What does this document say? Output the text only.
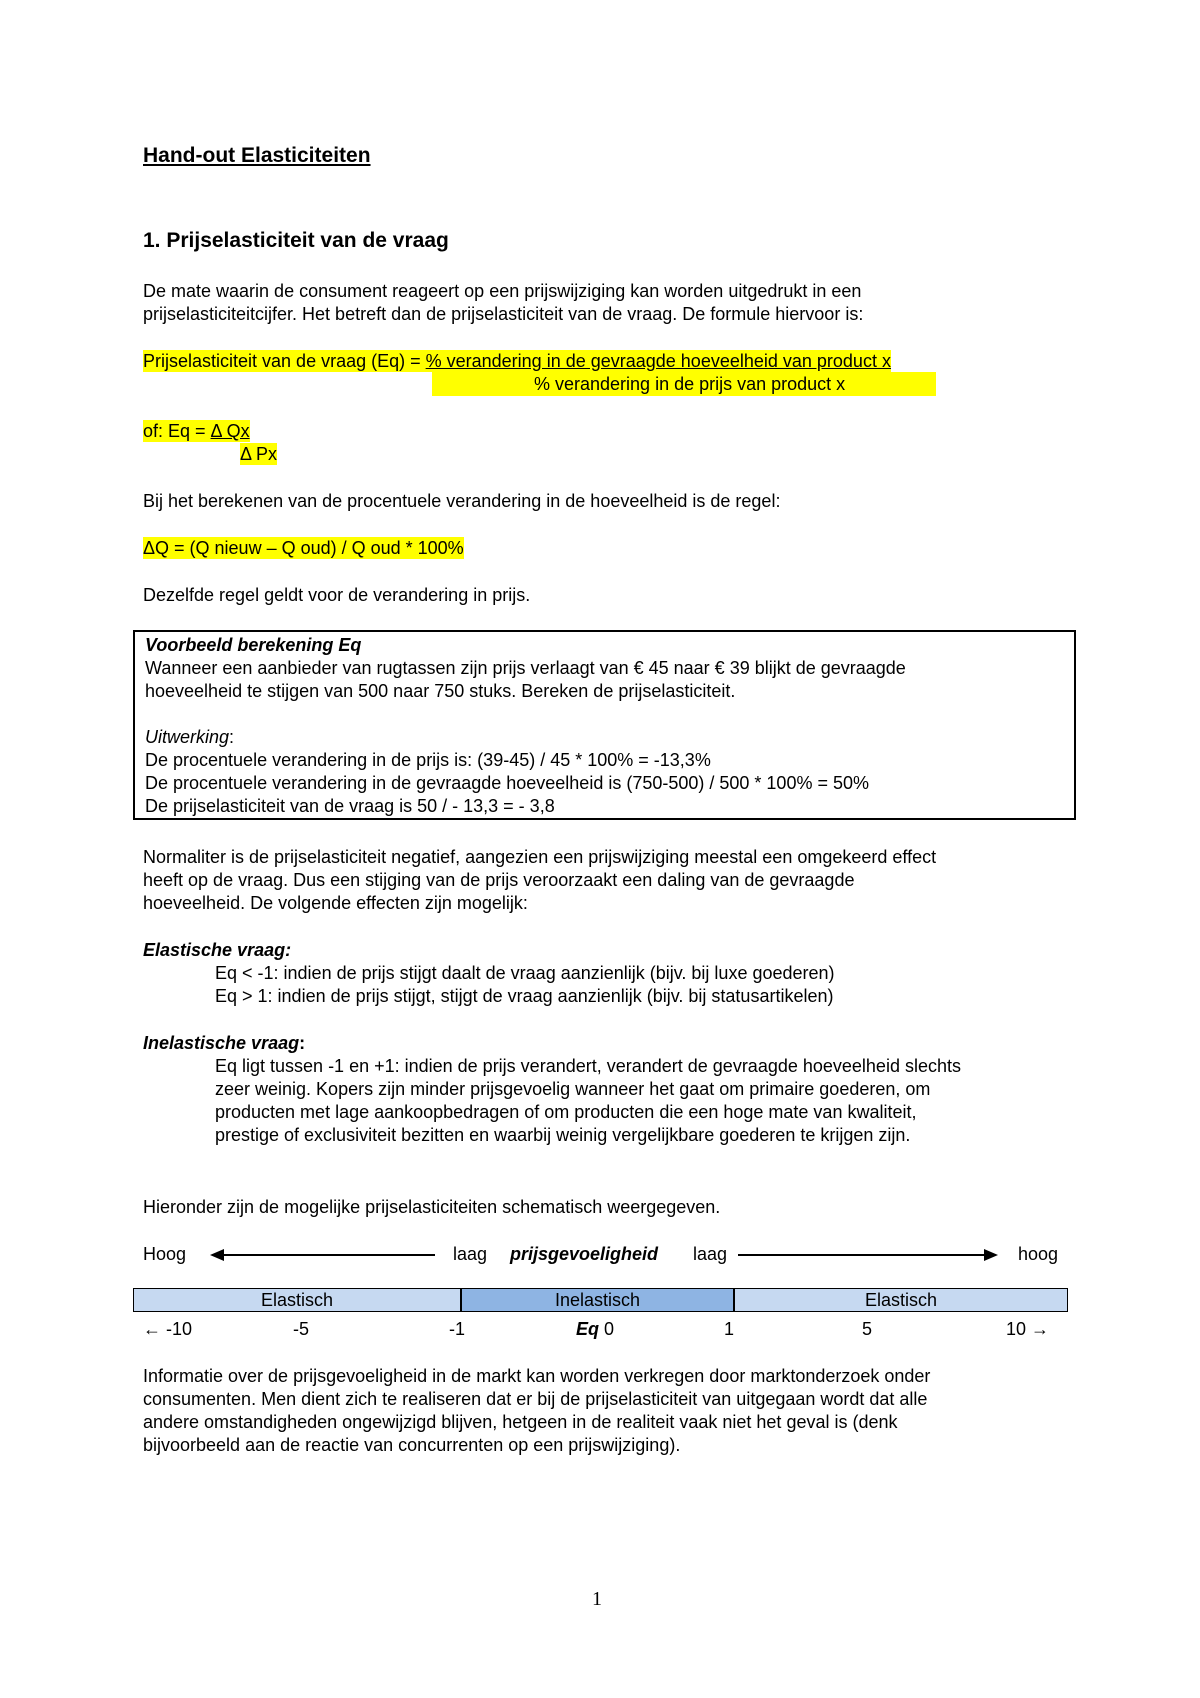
Hand-out Elasticiteiten
1. Prijselasticiteit van de vraag
De mate waarin de consument reageert op een prijswijziging kan worden uitgedrukt in een
prijselasticiteitcijfer. Het betreft dan de prijselasticiteit van de vraag. De formule hiervoor is:
Prijselasticiteit van de vraag (Eq) = % verandering in de gevraagde hoeveelheid van product x
% verandering in de prijs van product x
of: Eq = Δ Qx
Δ Px
Bij het berekenen van de procentuele verandering in de hoeveelheid is de regel:
ΔQ = (Q nieuw – Q oud) / Q oud * 100%
Dezelfde regel geldt voor de verandering in prijs.
Voorbeeld berekening Eq
Wanneer een aanbieder van rugtassen zijn prijs verlaagt van € 45 naar € 39 blijkt de gevraagde
hoeveelheid te stijgen van 500 naar 750 stuks. Bereken de prijselasticiteit.
Uitwerking:
De procentuele verandering in de prijs is: (39-45) / 45 * 100% = -13,3%
De procentuele verandering in de gevraagde hoeveelheid is (750-500) / 500 * 100% = 50%
De prijselasticiteit van de vraag is 50 / - 13,3 = - 3,8
Normaliter is de prijselasticiteit negatief, aangezien een prijswijziging meestal een omgekeerd effect
heeft op de vraag. Dus een stijging van de prijs veroorzaakt een daling van de gevraagde
hoeveelheid. De volgende effecten zijn mogelijk:
Elastische vraag:
Eq < -1: indien de prijs stijgt daalt de vraag aanzienlijk (bijv. bij luxe goederen)
Eq > 1: indien de prijs stijgt, stijgt de vraag aanzienlijk (bijv. bij statusartikelen)
Inelastische vraag:
Eq ligt tussen -1 en +1: indien de prijs verandert, verandert de gevraagde hoeveelheid slechts
zeer weinig. Kopers zijn minder prijsgevoelig wanneer het gaat om primaire goederen, om
producten met lage aankoopbedragen of om producten die een hoge mate van kwaliteit,
prestige of exclusiviteit bezitten en waarbij weinig vergelijkbare goederen te krijgen zijn.
Hieronder zijn de mogelijke prijselasticiteiten schematisch weergegeven.
Hoog	laag prijsgevoeligheid laag	hoog
Elastisch	Inelastisch	Elastisch
← -10	-5	-1	Eq 0	1	5	10 →
Informatie over de prijsgevoeligheid in de markt kan worden verkregen door marktonderzoek onder
consumenten. Men dient zich te realiseren dat er bij de prijselasticiteit van uitgegaan wordt dat alle
andere omstandigheden ongewijzigd blijven, hetgeen in de realiteit vaak niet het geval is (denk
bijvoorbeeld aan de reactie van concurrenten op een prijswijziging).
1
